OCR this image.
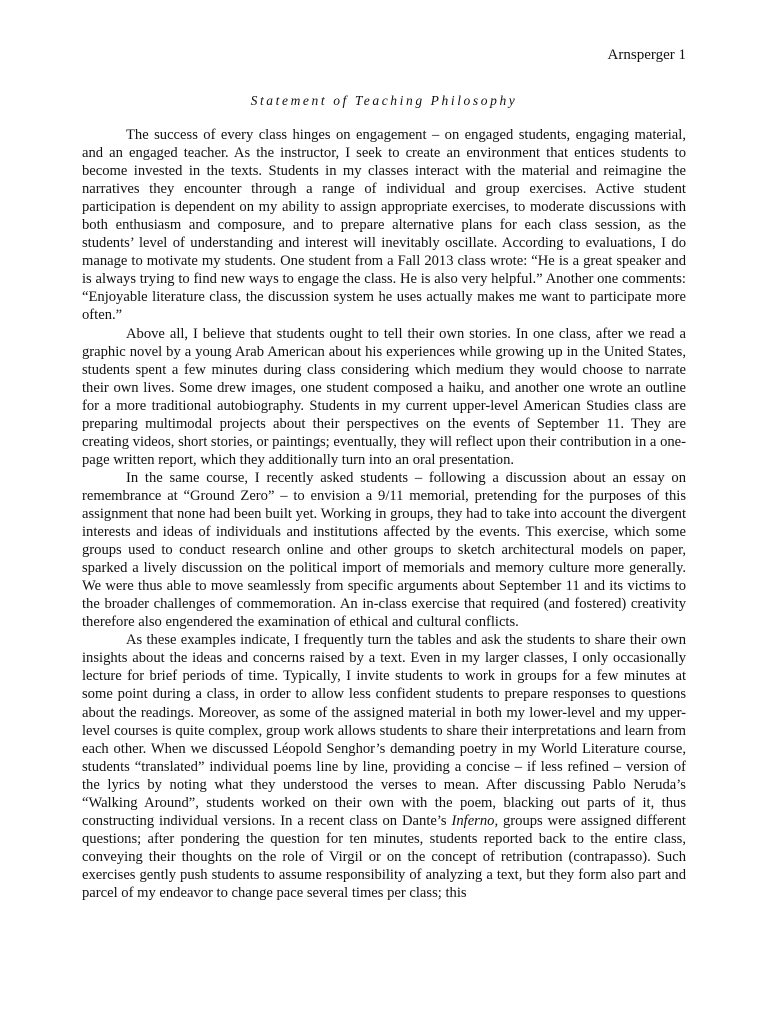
Arnsperger 1
Statement of Teaching Philosophy

The success of every class hinges on engagement – on engaged students, engaging material, and an engaged teacher. As the instructor, I seek to create an environment that entices students to become invested in the texts. Students in my classes interact with the material and reimagine the narratives they encounter through a range of individual and group exercises. Active student participation is dependent on my ability to assign appropriate exercises, to moderate discussions with both enthusiasm and composure, and to prepare alternative plans for each class session, as the students’ level of understanding and interest will inevitably oscillate. According to evaluations, I do manage to motivate my students. One student from a Fall 2013 class wrote: “He is a great speaker and is always trying to find new ways to engage the class. He is also very helpful.” Another one comments: “Enjoyable literature class, the discussion system he uses actually makes me want to participate more often.”

Above all, I believe that students ought to tell their own stories. In one class, after we read a graphic novel by a young Arab American about his experiences while growing up in the United States, students spent a few minutes during class considering which medium they would choose to narrate their own lives. Some drew images, one student composed a haiku, and another one wrote an outline for a more traditional autobiography. Students in my current upper-level American Studies class are preparing multimodal projects about their perspectives on the events of September 11. They are creating videos, short stories, or paintings; eventually, they will reflect upon their contribution in a one-page written report, which they additionally turn into an oral presentation.

In the same course, I recently asked students – following a discussion about an essay on remembrance at “Ground Zero” – to envision a 9/11 memorial, pretending for the purposes of this assignment that none had been built yet. Working in groups, they had to take into account the divergent interests and ideas of individuals and institutions affected by the events. This exercise, which some groups used to conduct research online and other groups to sketch architectural models on paper, sparked a lively discussion on the political import of memorials and memory culture more generally. We were thus able to move seamlessly from specific arguments about September 11 and its victims to the broader challenges of commemoration. An in-class exercise that required (and fostered) creativity therefore also engendered the examination of ethical and cultural conflicts.

As these examples indicate, I frequently turn the tables and ask the students to share their own insights about the ideas and concerns raised by a text. Even in my larger classes, I only occasionally lecture for brief periods of time. Typically, I invite students to work in groups for a few minutes at some point during a class, in order to allow less confident students to prepare responses to questions about the readings. Moreover, as some of the assigned material in both my lower-level and my upper-level courses is quite complex, group work allows students to share their interpretations and learn from each other. When we discussed Léopold Senghor’s demanding poetry in my World Literature course, students “translated” individual poems line by line, providing a concise – if less refined – version of the lyrics by noting what they understood the verses to mean. After discussing Pablo Neruda’s “Walking Around”, students worked on their own with the poem, blacking out parts of it, thus constructing individual versions. In a recent class on Dante’s Inferno, groups were assigned different questions; after pondering the question for ten minutes, students reported back to the entire class, conveying their thoughts on the role of Virgil or on the concept of retribution (contrapasso). Such exercises gently push students to assume responsibility of analyzing a text, but they form also part and parcel of my endeavor to change pace several times per class; this
